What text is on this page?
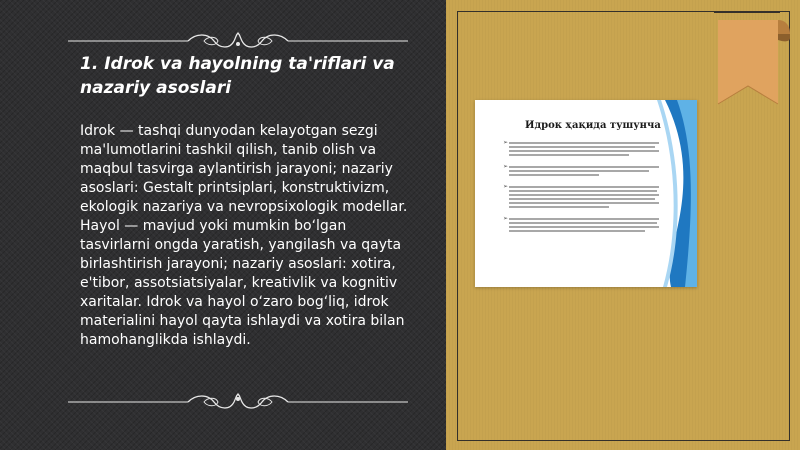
1. Idrok va hayolning ta'riflari va nazariy asoslari

Idrok — tashqi dunyodan kelayotgan sezgi ma'lumotlarini tashkil qilish, tanib olish va maqbul tasvirga aylantirish jarayoni; nazariy asoslari: Gestalt printsiplari, konstruktivizm, ekologik nazariya va nevropsixologik modellar. Hayol — mavjud yoki mumkin bo‘lgan tasvirlarni ongda yaratish, yangilash va qayta birlashtirish jarayoni; nazariy asoslari: xotira, e'tibor, assotsiatsiyalar, kreativlik va kognitiv xaritalar. Idrok va hayol o‘zaro bog‘liq, idrok materialini hayol qayta ishlaydi va xotira bilan hamohanglikda ishlaydi.

Идрок ҳақида тушунча
➢
➢
➢
➢
